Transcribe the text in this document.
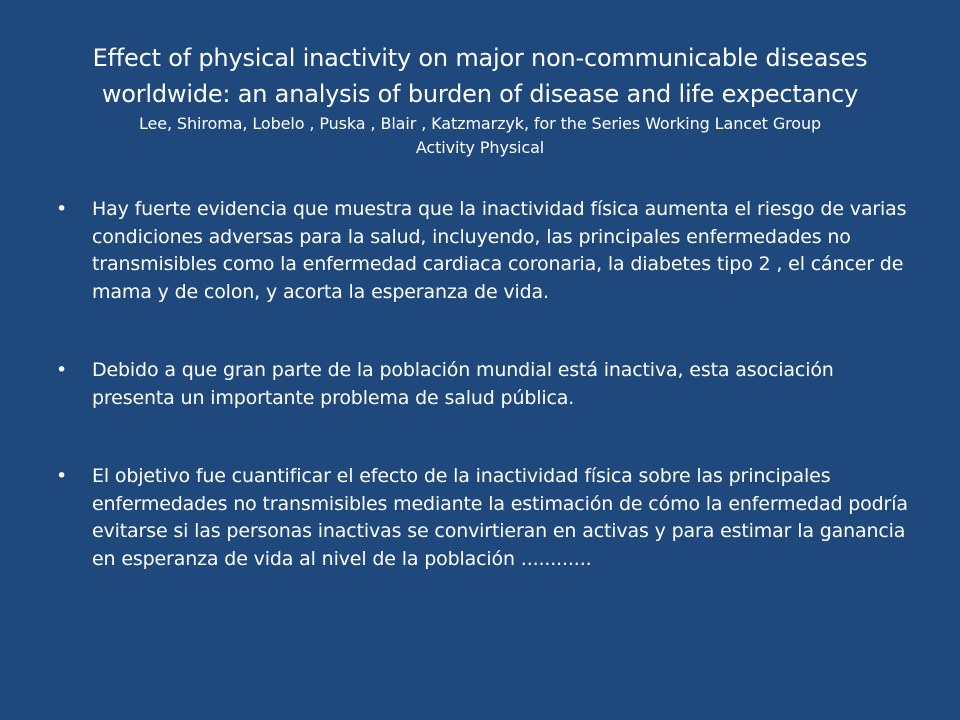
Effect of physical inactivity on major non-communicable diseases
worldwide: an analysis of burden of disease and life expectancy
Lee, Shiroma, Lobelo , Puska , Blair , Katzmarzyk, for the Series Working Lancet Group
Activity Physical
• Hay fuerte evidencia que muestra que la inactividad física aumenta el riesgo de varias condiciones adversas para la salud, incluyendo, las principales enfermedades no transmisibles como la enfermedad cardiaca coronaria, la diabetes tipo 2 , el cáncer de mama y de colon, y acorta la esperanza de vida.
• Debido a que gran parte de la población mundial está inactiva, esta asociación presenta un importante problema de salud pública.
• El objetivo fue cuantificar el efecto de la inactividad física sobre las principales enfermedades no transmisibles mediante la estimación de cómo la enfermedad podría evitarse si las personas inactivas se convirtieran en activas y para estimar la ganancia en esperanza de vida al nivel de la población ............
